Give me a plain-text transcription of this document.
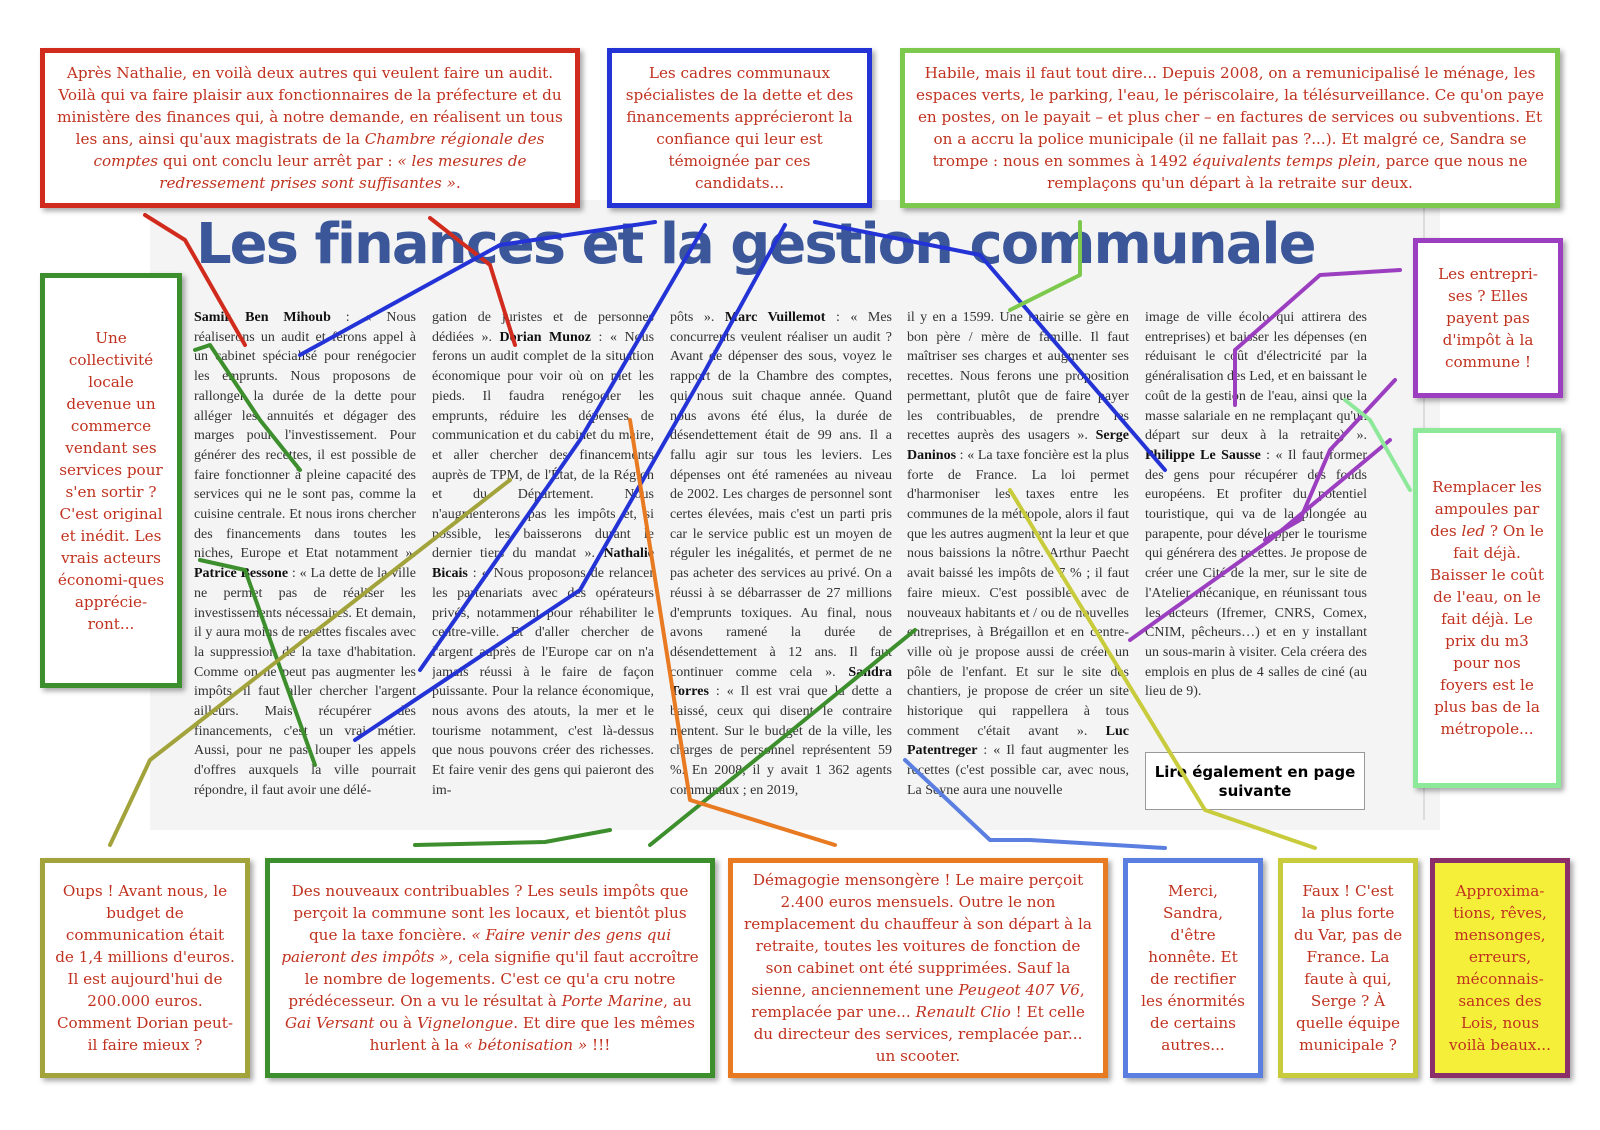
Les finances et la gestion communale
Samir Ben Mihoub : « Nous réaliserons un audit et ferons appel à un cabinet spécialisé pour renégocier les emprunts. Nous proposons de rallonger la durée de la dette pour alléger les annuités et dégager des marges pour l'investissement. Pour générer des recettes, il est possible de faire fonctionner à pleine capacité des services qui ne le sont pas, comme la cuisine centrale. Et nous irons chercher des financements dans toutes les niches, Europe et Etat notamment ». Patrice Bessone : « La dette de la ville ne permet pas de réaliser les investissements nécessaires. Et demain, il y aura moins de recettes fiscales avec la suppression de la taxe d'habitation. Comme on ne peut pas augmenter les impôts, il faut aller chercher l'argent ailleurs. Mais récupérer des financements, c'est un vrai métier. Aussi, pour ne pas louper les appels d'offres auxquels la ville pourrait répondre, il faut avoir une délé-
gation de juristes et de personnes dédiées ». Dorian Munoz : « Nous ferons un audit complet de la situation économique pour voir où on met les pieds. Il faudra renégocier les emprunts, réduire les dépenses de communication et du cabinet du maire, et aller chercher des financements auprès de TPM, de l'État, de la Région et du Département. Nous n'augmenterons pas les impôts et, si possible, les baisserons durant le dernier tiers du mandat ». Nathalie Bicais : « Nous proposons de relancer les partenariats avec des opérateurs privés, notamment pour réhabiliter le centre-ville. Et d'aller chercher de l'argent auprès de l'Europe car on n'a jamais réussi à le faire de façon puissante. Pour la relance économique, nous avons des atouts, la mer et le tourisme notamment, c'est là-dessus que nous pouvons créer des richesses. Et faire venir des gens qui paieront des im-
pôts ». Marc Vuillemot : « Mes concurrents veulent réaliser un audit ? Avant de dépenser des sous, voyez le rapport de la Chambre des comptes, qui nous suit chaque année. Quand nous avons été élus, la durée de désendettement était de 99 ans. Il a fallu agir sur tous les leviers. Les dépenses ont été ramenées au niveau de 2002. Les charges de personnel sont certes élevées, mais c'est un parti pris car le service public est un moyen de réguler les inégalités, et permet de ne pas acheter des services au privé. On a réussi à se débarrasser de 27 millions d'emprunts toxiques. Au final, nous avons ramené la durée de désendettement à 12 ans. Il faut continuer comme cela ». Sandra Torres : « Il est vrai que la dette a baissé, ceux qui disent le contraire mentent. Sur le budget de la ville, les charges de personnel représentent 59 %. En 2008, il y avait 1 362 agents communaux ; en 2019,
il y en a 1599. Une mairie se gère en bon père / mère de famille. Il faut maîtriser ses charges et augmenter ses recettes. Nous ferons une proposition permettant, plutôt que de faire payer les contribuables, de prendre les recettes auprès des usagers ». Serge Daninos : « La taxe foncière est la plus forte de France. La loi permet d'harmoniser les taxes entre les communes de la métropole, alors il faut que les autres augmentent la leur et que nous baissions la nôtre. Arthur Paecht avait baissé les impôts de 7 % ; il faut faire mieux. C'est possible avec de nouveaux habitants et / ou de nouvelles entreprises, à Brégaillon et en centre-ville où je propose aussi de créer un pôle de l'enfant. Et sur le site des chantiers, je propose de créer un site historique qui rappellera à tous comment c'était avant ». Luc Patentreger : « Il faut augmenter les recettes (c'est possible car, avec nous, La Seyne aura une nouvelle
image de ville écolo qui attirera des entreprises) et baisser les dépenses (en réduisant le coût d'électricité par la généralisation des Led, et en baissant le coût de la gestion de l'eau, ainsi que la masse salariale en ne remplaçant qu'un départ sur deux à la retraite) ». Philippe Le Sausse : « Il faut former des gens pour récupérer des fonds européens. Et profiter du potentiel touristique, qui va de la plongée au parapente, pour développer le tourisme qui générera des recettes. Je propose de créer une Cité de la mer, sur le site de l'Atelier mécanique, en réunissant tous les acteurs (Ifremer, CNRS, Comex, CNIM, pêcheurs…) et en y installant un sous-marin à visiter. Cela créera des emplois en plus de 4 salles de ciné (au lieu de 9).
Lire également en page suivante

Après Nathalie, en voilà deux autres qui veulent faire un audit. Voilà qui va faire plaisir aux fonctionnaires de la préfecture et du ministère des finances qui, à notre demande, en réalisent un tous les ans, ainsi qu'aux magistrats de la Chambre régionale des comptes qui ont conclu leur arrêt par : « les mesures de redressement prises sont suffisantes ».

Les cadres communaux spécialistes de la dette et des financements apprécieront la confiance qui leur est témoignée par ces candidats...

Habile, mais il faut tout dire... Depuis 2008, on a remunicipalisé le ménage, les espaces verts, le parking, l'eau, le périscolaire, la télésurveillance. Ce qu'on paye en postes, on le payait – et plus cher – en factures de services ou subventions. Et on a accru la police municipale (il ne fallait pas ?...). Et malgré ce, Sandra se trompe : nous en sommes à 1492 équivalents temps plein, parce que nous ne remplaçons qu'un départ à la retraite sur deux.

Une collectivité locale devenue un commerce vendant ses services pour s'en sortir ? C'est original et inédit. Les vrais acteurs économi-ques apprécie-ront...

Les entrepri-ses ? Elles payent pas d'impôt à la commune !

Remplacer les ampoules par des led ? On le fait déjà. Baisser le coût de l'eau, on le fait déjà. Le prix du m3 pour nos foyers est le plus bas de la métropole...

Oups ! Avant nous, le budget de communication était de 1,4 millions d'euros. Il est aujourd'hui de 200.000 euros. Comment Dorian peut-il faire mieux ?

Des nouveaux contribuables ? Les seuls impôts que perçoit la commune sont les locaux, et bientôt plus que la taxe foncière. « Faire venir des gens qui paieront des impôts », cela signifie qu'il faut accroître le nombre de logements. C'est ce qu'a cru notre prédécesseur. On a vu le résultat à Porte Marine, au Gai Versant ou à Vignelongue. Et dire que les mêmes hurlent à la « bétonisation » !!!

Démagogie mensongère ! Le maire perçoit 2.400 euros mensuels. Outre le non remplacement du chauffeur à son départ à la retraite, toutes les voitures de fonction de son cabinet ont été supprimées. Sauf la sienne, anciennement une Peugeot 407 V6, remplacée par une... Renault Clio ! Et celle du directeur des services, remplacée par... un scooter.

Merci, Sandra, d'être honnête. Et de rectifier les énormités de certains autres...

Faux ! C'est la plus forte du Var, pas de France. La faute à qui, Serge ? À quelle équipe municipale ?

Approxima-tions, rêves, mensonges, erreurs, méconnais-sances des Lois, nous voilà beaux...
